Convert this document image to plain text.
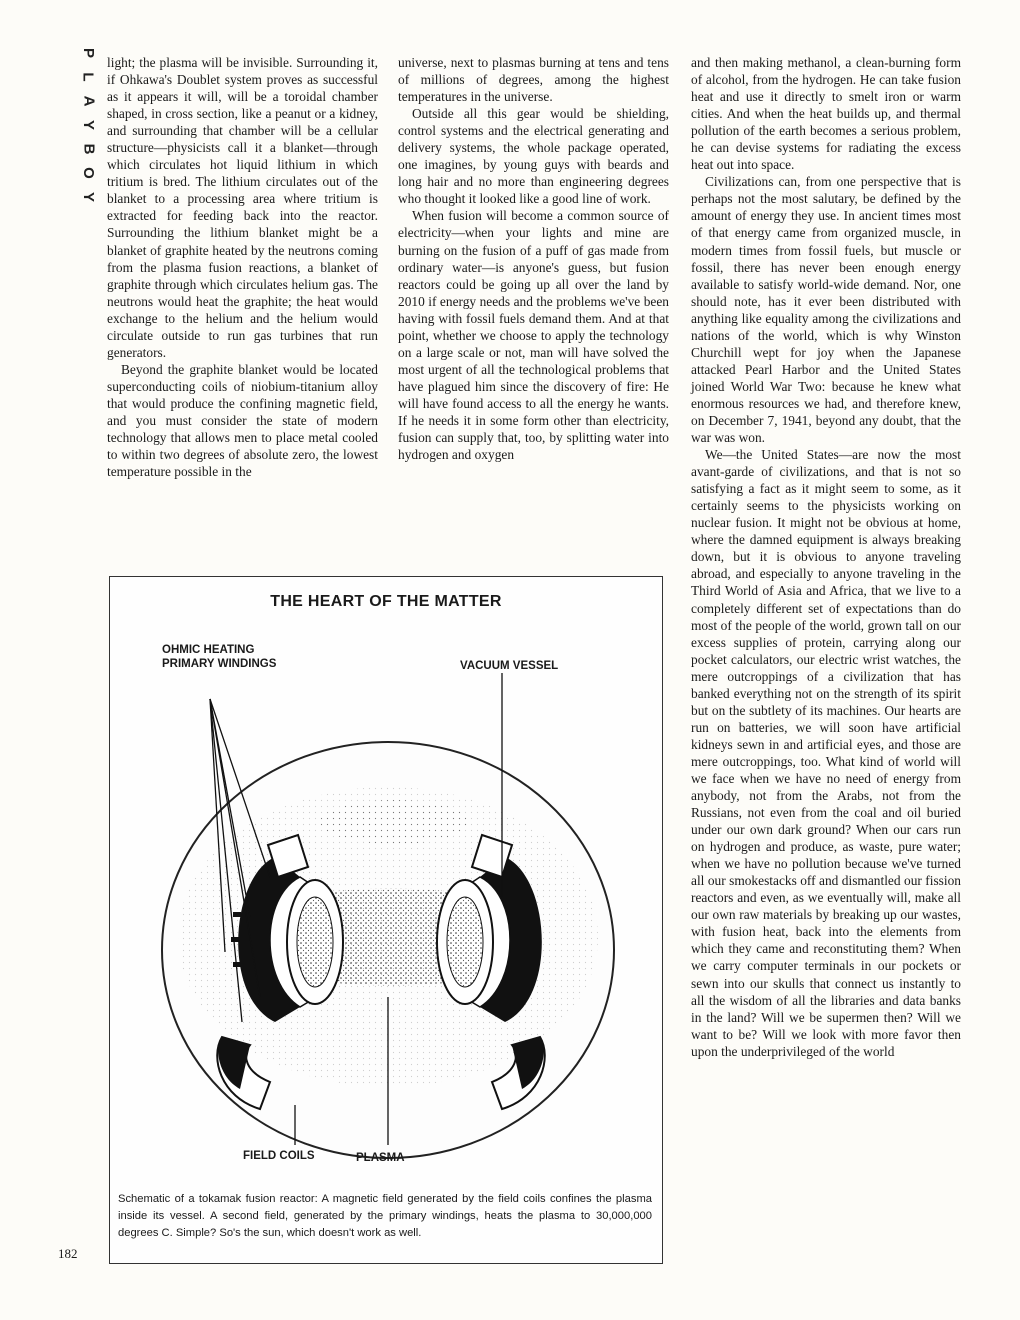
P
L
A
Y
B
O
Y

light; the plasma will be invisible. Surrounding it, if Ohkawa's Doublet system proves as successful as it appears it will, will be a toroidal chamber shaped, in cross section, like a peanut or a kidney, and surrounding that chamber will be a cellular structure—physicists call it a blanket—through which circulates hot liquid lithium in which tritium is bred. The lithium circulates out of the blanket to a processing area where tritium is extracted for feeding back into the reactor. Surrounding the lithium blanket might be a blanket of graphite heated by the neutrons coming from the plasma fusion reactions, a blanket of graphite through which circulates helium gas. The neutrons would heat the graphite; the heat would exchange to the helium and the helium would circulate outside to run gas turbines that run generators.

Beyond the graphite blanket would be located superconducting coils of niobium-titanium alloy that would produce the confining magnetic field, and you must consider the state of modern technology that allows men to place metal cooled to within two degrees of absolute zero, the lowest temperature possible in the

universe, next to plasmas burning at tens and tens of millions of degrees, among the highest temperatures in the universe.

Outside all this gear would be shielding, control systems and the electrical generating and delivery systems, the whole package operated, one imagines, by young guys with beards and long hair and no more than engineering degrees who thought it looked like a good line of work.

When fusion will become a common source of electricity—when your lights and mine are burning on the fusion of a puff of gas made from ordinary water—is anyone's guess, but fusion reactors could be going up all over the land by 2010 if energy needs and the problems we've been having with fossil fuels demand them. And at that point, whether we choose to apply the technology on a large scale or not, man will have solved the most urgent of all the technological problems that have plagued him since the discovery of fire: He will have found access to all the energy he wants. If he needs it in some form other than electricity, fusion can supply that, too, by splitting water into hydrogen and oxygen

and then making methanol, a clean-burning form of alcohol, from the hydrogen. He can take fusion heat and use it directly to smelt iron or warm cities. And when the heat builds up, and thermal pollution of the earth becomes a serious problem, he can devise systems for radiating the excess heat out into space.

Civilizations can, from one perspective that is perhaps not the most salutary, be defined by the amount of energy they use. In ancient times most of that energy came from organized muscle, in modern times from fossil fuels, but muscle or fossil, there has never been enough energy available to satisfy world-wide demand. Nor, one should note, has it ever been distributed with anything like equality among the civilizations and nations of the world, which is why Winston Churchill wept for joy when the Japanese attacked Pearl Harbor and the United States joined World War Two: because he knew what enormous resources we had, and therefore knew, on December 7, 1941, beyond any doubt, that the war was won.

We—the United States—are now the most avant-garde of civilizations, and that is not so satisfying a fact as it might seem to some, as it certainly seems to the physicists working on nuclear fusion. It might not be obvious at home, where the damned equipment is always breaking down, but it is obvious to anyone traveling abroad, and especially to anyone traveling in the Third World of Asia and Africa, that we live to a completely different set of expectations than do most of the people of the world, grown tall on our excess supplies of protein, carrying along our pocket calculators, our electric wrist watches, the mere outcroppings of a civilization that has banked everything not on the strength of its spirit but on the subtlety of its machines. Our hearts are run on batteries, we will soon have artificial kidneys sewn in and artificial eyes, and those are mere outcroppings, too. What kind of world will we face when we have no need of energy from anybody, not from the Arabs, not from the Russians, not even from the coal and oil buried under our own dark ground? When our cars run on hydrogen and produce, as waste, pure water; when we have no pollution because we've turned all our smokestacks off and dismantled our fission reactors and even, as we eventually will, make all our own raw materials by breaking up our wastes, with fusion heat, back into the elements from which they came and reconstituting them? When we carry computer terminals in our pockets or sewn into our skulls that connect us instantly to all the wisdom of all the libraries and data banks in the land? Will we be supermen then? Will we want to be? Will we look with more favor then upon the underprivileged of the world

THE HEART OF THE MATTER
OHMIC HEATING
PRIMARY WINDINGS	VACUUM VESSEL
FIELD COILS	PLASMA
Schematic of a tokamak fusion reactor: A magnetic field generated by the field coils confines the plasma inside its vessel. A second field, generated by the primary windings, heats the plasma to 30,000,000 degrees C. Simple? So's the sun, which doesn't work as well.
182
